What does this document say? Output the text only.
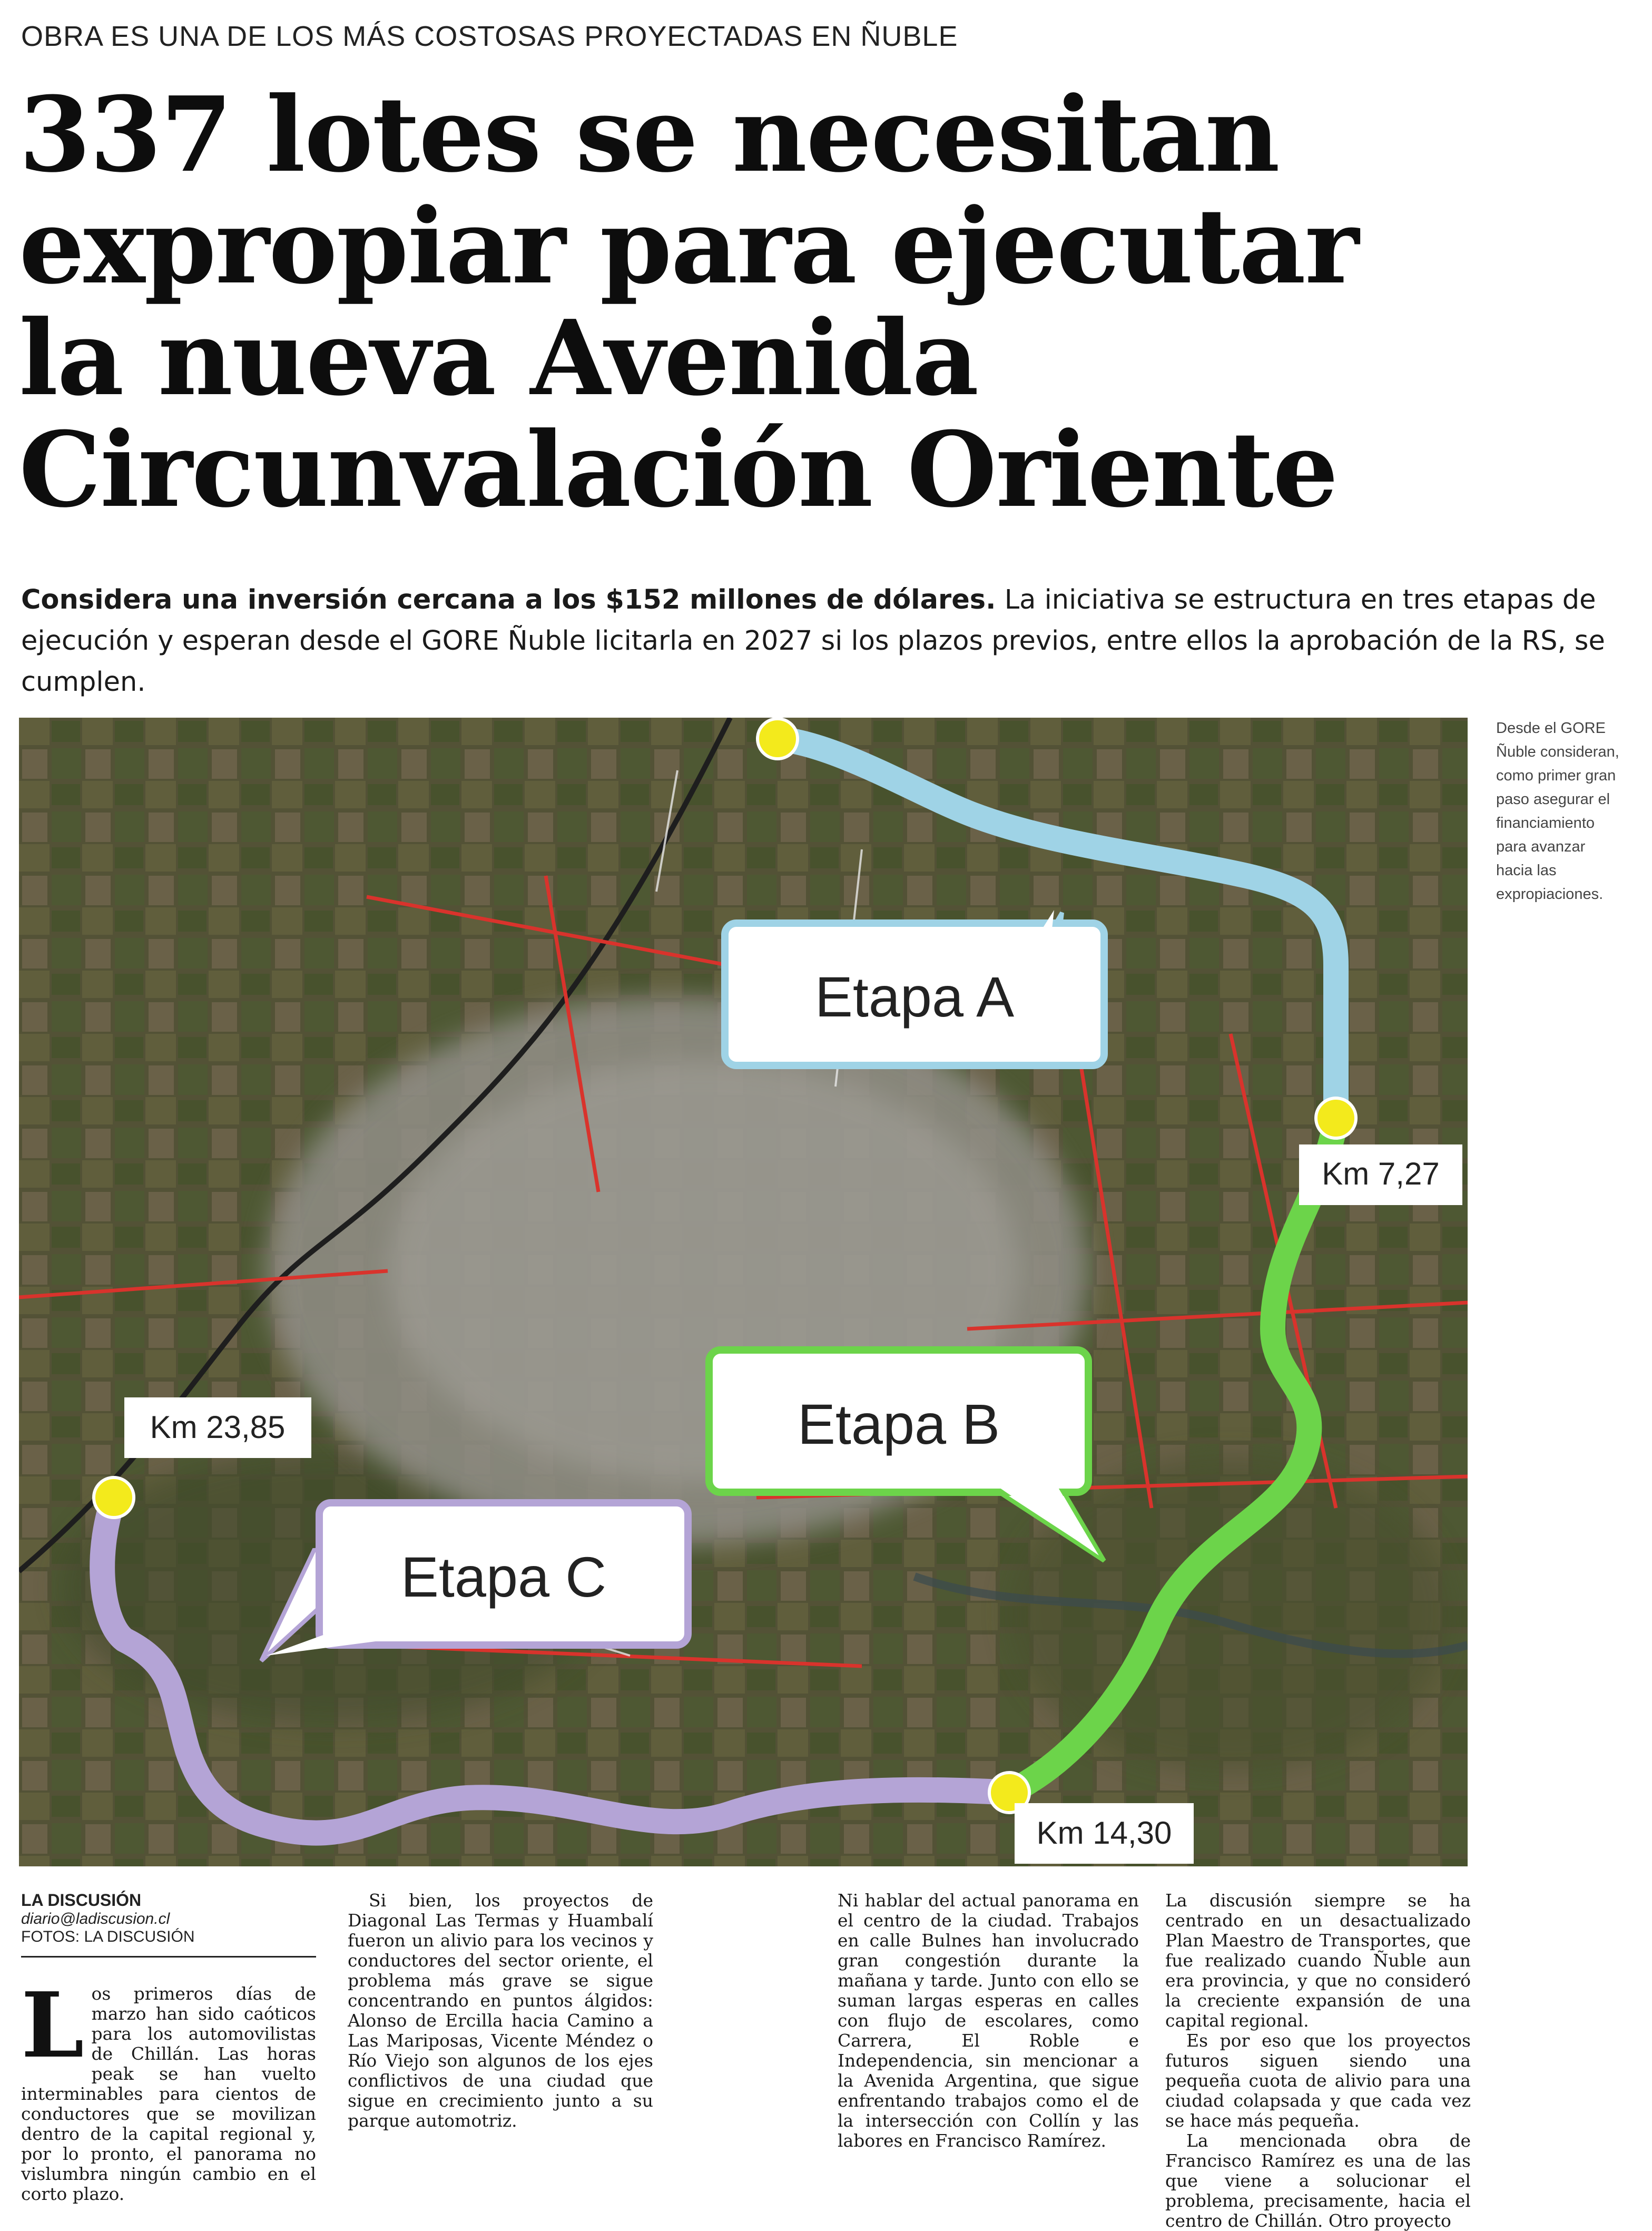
OBRA ES UNA DE LOS MÁS COSTOSAS PROYECTADAS EN ÑUBLE
337 lotes se necesitan
expropiar para ejecutar
la nueva Avenida
Circunvalación Oriente
Considera una inversión cercana a los $152 millones de dólares. La iniciativa se estructura en tres etapas de ejecución y esperan desde el GORE Ñuble licitarla en 2027 si los plazos previos, entre ellos la aprobación de la RS, se cumplen.
Etapa A
Etapa B
Etapa C
Km 7,27
Km 14,30
Km 23,85
Desde el GORE Ñuble consideran, como primer gran paso asegurar el financiamiento para avanzar hacia las expropiaciones.
LA DISCUSIÓN
diario@ladiscusion.cl
FOTOS: LA DISCUSIÓN
L os primeros días de marzo han sido caóticos para los automovilistas de Chillán. Las horas peak se han vuelto interminables para cientos de conductores que se movilizan dentro de la capital regional y, por lo pronto, el panorama no vislumbra ningún cambio en el corto plazo.

Si bien, los proyectos de Diagonal Las Termas y Huambalí fueron un alivio para los vecinos y conductores del sector oriente, el problema más grave se sigue concentrando en puntos álgidos: Alonso de Ercilla hacia Camino a Las Mariposas, Vicente Méndez o Río Viejo son algunos de los ejes conflictivos de una ciudad que sigue en crecimiento junto a su parque automotriz.

Ni hablar del actual panorama en el centro de la ciudad. Trabajos en calle Bulnes han involucrado gran congestión durante la mañana y tarde. Junto con ello se suman largas esperas en calles con flujo de escolares, como Carrera, El Roble e Independencia, sin mencionar a la Avenida Argentina, que sigue enfrentando trabajos como el de la intersección con Collín y las labores en Francisco Ramírez.

La discusión siempre se ha centrado en un desactualizado Plan Maestro de Transportes, que fue realizado cuando Ñuble aun era provincia, y que no consideró la creciente expansión de una capital regional.

Es por eso que los proyectos futuros siguen siendo una pequeña cuota de alivio para una ciudad colapsada y que cada vez se hace más pequeña.

La mencionada obra de Francisco Ramírez es una de las que viene a solucionar el problema, precisamente, hacia el centro de Chillán. Otro proyecto
